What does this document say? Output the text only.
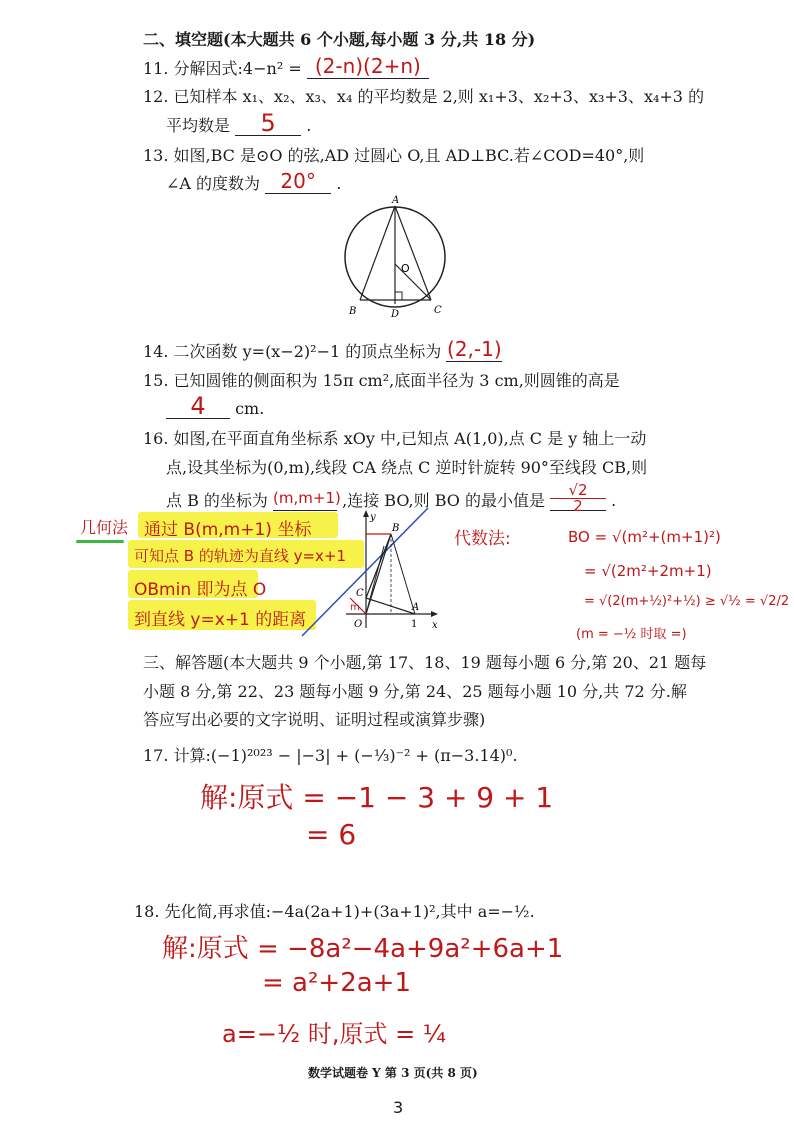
二、填空题(本大题共 6 个小题,每小题 3 分,共 18 分)
11. 分解因式:4−n² = (2-n)(2+n)
12. 已知样本 x₁、x₂、x₃、x₄ 的平均数是 2,则 x₁+3、x₂+3、x₃+3、x₄+3 的
平均数是	5	.
13. 如图,BC 是⊙O 的弦,AD 过圆心 O,且 AD⊥BC.若∠COD=40°,则
∠A 的度数为	20°	.
A
O
B	D	C
14. 二次函数 y=(x−2)²−1 的顶点坐标为 (2,-1)
15. 已知圆锥的侧面积为 15π cm²,底面半径为 3 cm,则圆锥的高是
4	cm.
16. 如图,在平面直角坐标系 xOy 中,已知点 A(1,0),点 C 是 y 轴上一动
点,设其坐标为(0,m),线段 CA 绕点 C 逆时针旋转 90°至线段 CB,则
点 B 的坐标为 (m,m+1) ,连接 BO,则 BO 的最小值是 $\frac{√2}{2}$ .
几何法 通过 B(m,m+1) 坐标
可知点 B 的轨迹为直线 y=x+1
OBmin 即为点 O
到直线 y=x+1 的距离
y
B
C
m
O
A
1 x
代数法:	BO = √(m²+(m+1)²)
= √(2m²+2m+1)
= √(2(m+½)²+½) ≥ √½ = √2/2
(m = −½ 时取 =)
三、解答题(本大题共 9 个小题,第 17、18、19 题每小题 6 分,第 20、21 题每
小题 8 分,第 22、23 题每小题 9 分,第 24、25 题每小题 10 分,共 72 分.解
答应写出必要的文字说明、证明过程或演算步骤)
17. 计算:(−1)²⁰²³ − |−3| + (−⅓)⁻² + (π−3.14)⁰.
解:原式 = −1 − 3 + 9 + 1
= 6
18. 先化简,再求值:−4a(2a+1)+(3a+1)²,其中 a=−½.
解:原式 = −8a²−4a+9a²+6a+1
= a²+2a+1
a=−½ 时,原式 = ¼
数学试题卷 Y 第 3 页(共 8 页)
3
